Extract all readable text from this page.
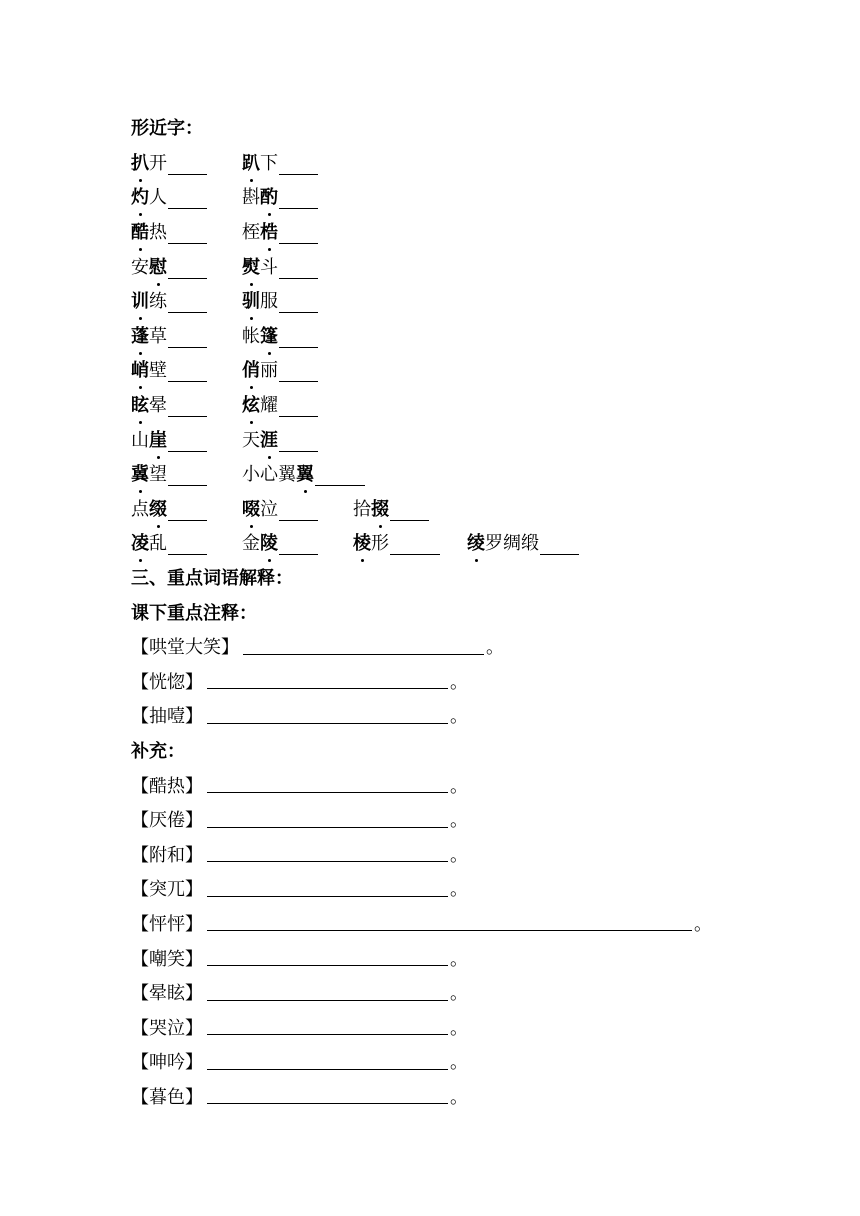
形近字：
扒 开	趴 下
灼 人	斟 酌
酷 热	桎 梏
安 慰	熨 斗
训 练	驯 服
蓬 草	帐 篷
峭 壁	俏 丽
眩 晕	炫 耀
山 崖	天 涯
冀 望	小心翼 翼
点 缀	啜 泣	拾 掇
凌 乱	金 陵	棱 形	绫 罗绸缎
三、重点词语解释：
课下重点注释：
【哄堂大笑】	。
【恍惚】	。
【抽噎】	。
补充：
【酷热】	。
【厌倦】	。
【附和】	。
【突兀】	。
【怦怦】	。
【嘲笑】	。
【晕眩】	。
【哭泣】	。
【呻吟】	。
【暮色】	。
